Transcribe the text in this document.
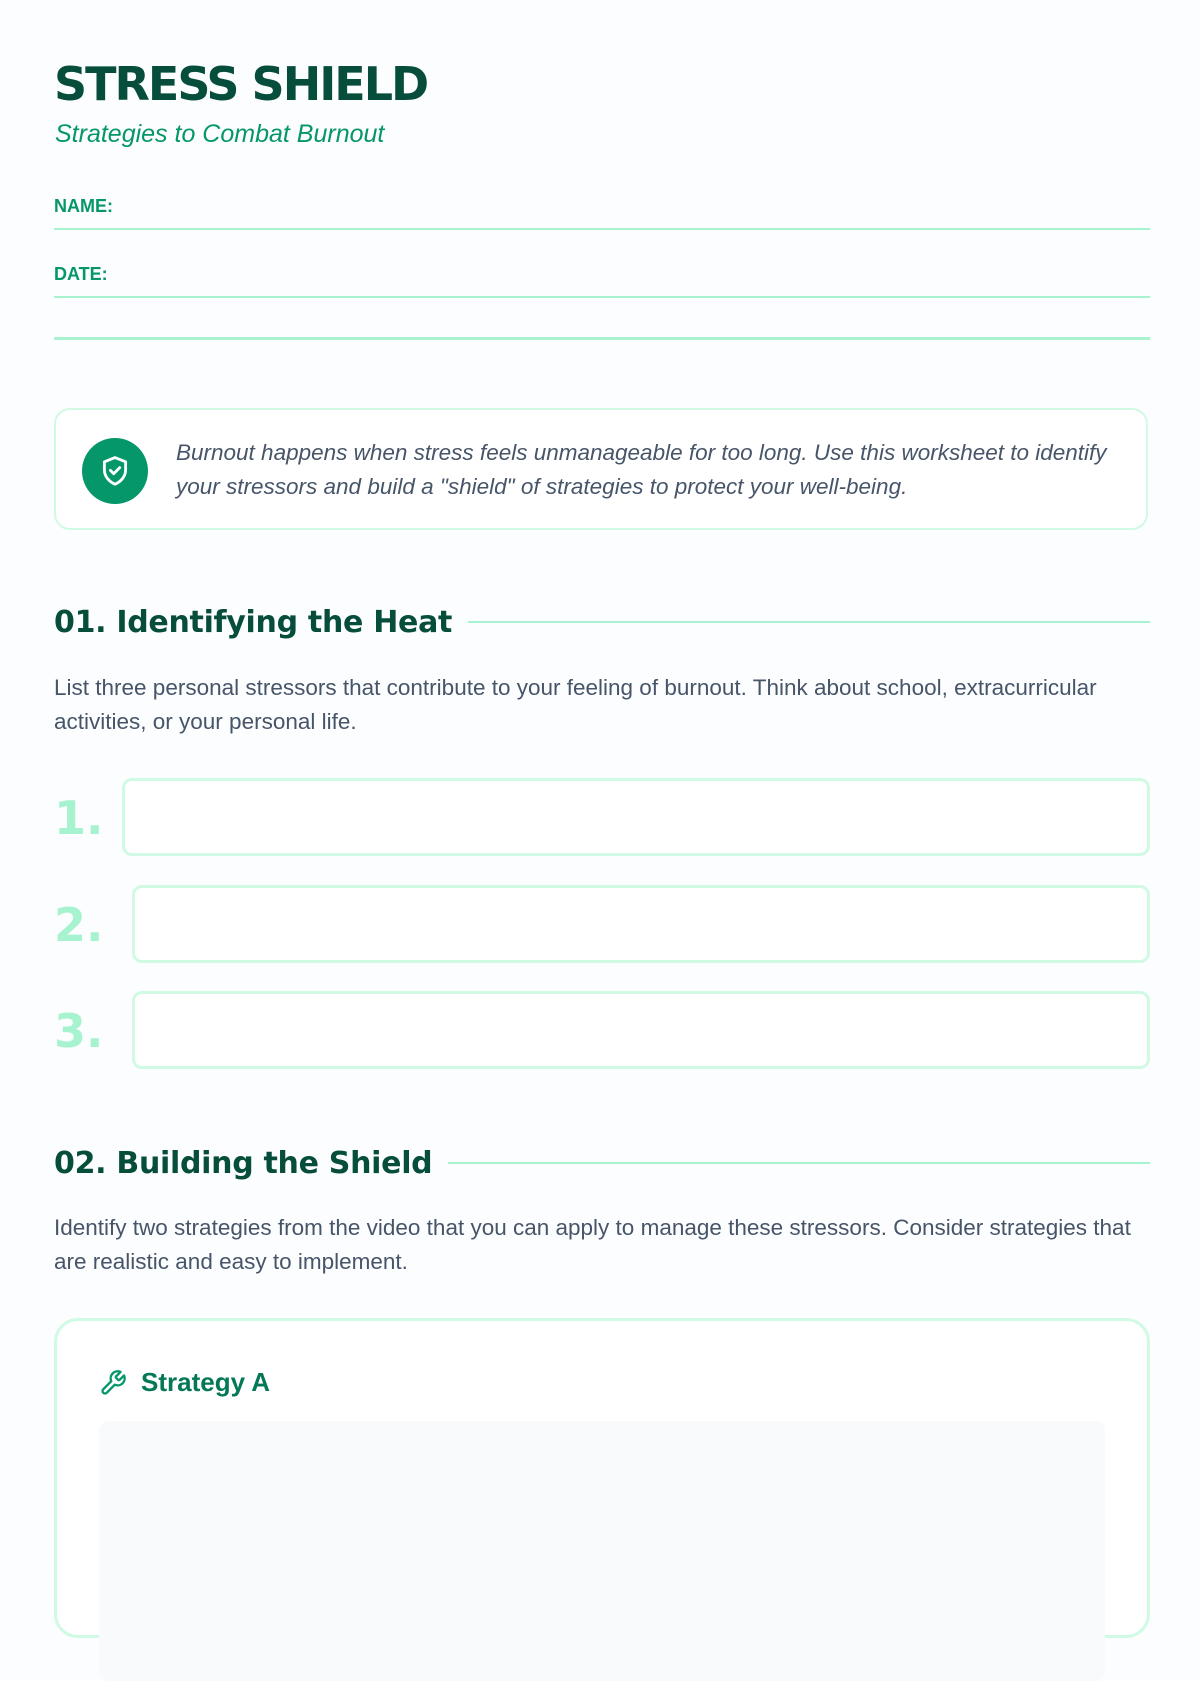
STRESS SHIELD

Strategies to Combat Burnout

NAME:
DATE:
Burnout happens when stress feels unmanageable for too long. Use this worksheet to identify your stressors and build a "shield" of strategies to protect your well-being.
01. Identifying the Heat
List three personal stressors that contribute to your feeling of burnout. Think about school, extracurricular activities, or your personal life.
1.
2.
3.
02. Building the Shield
Identify two strategies from the video that you can apply to manage these stressors. Consider strategies that are realistic and easy to implement.
Strategy A
